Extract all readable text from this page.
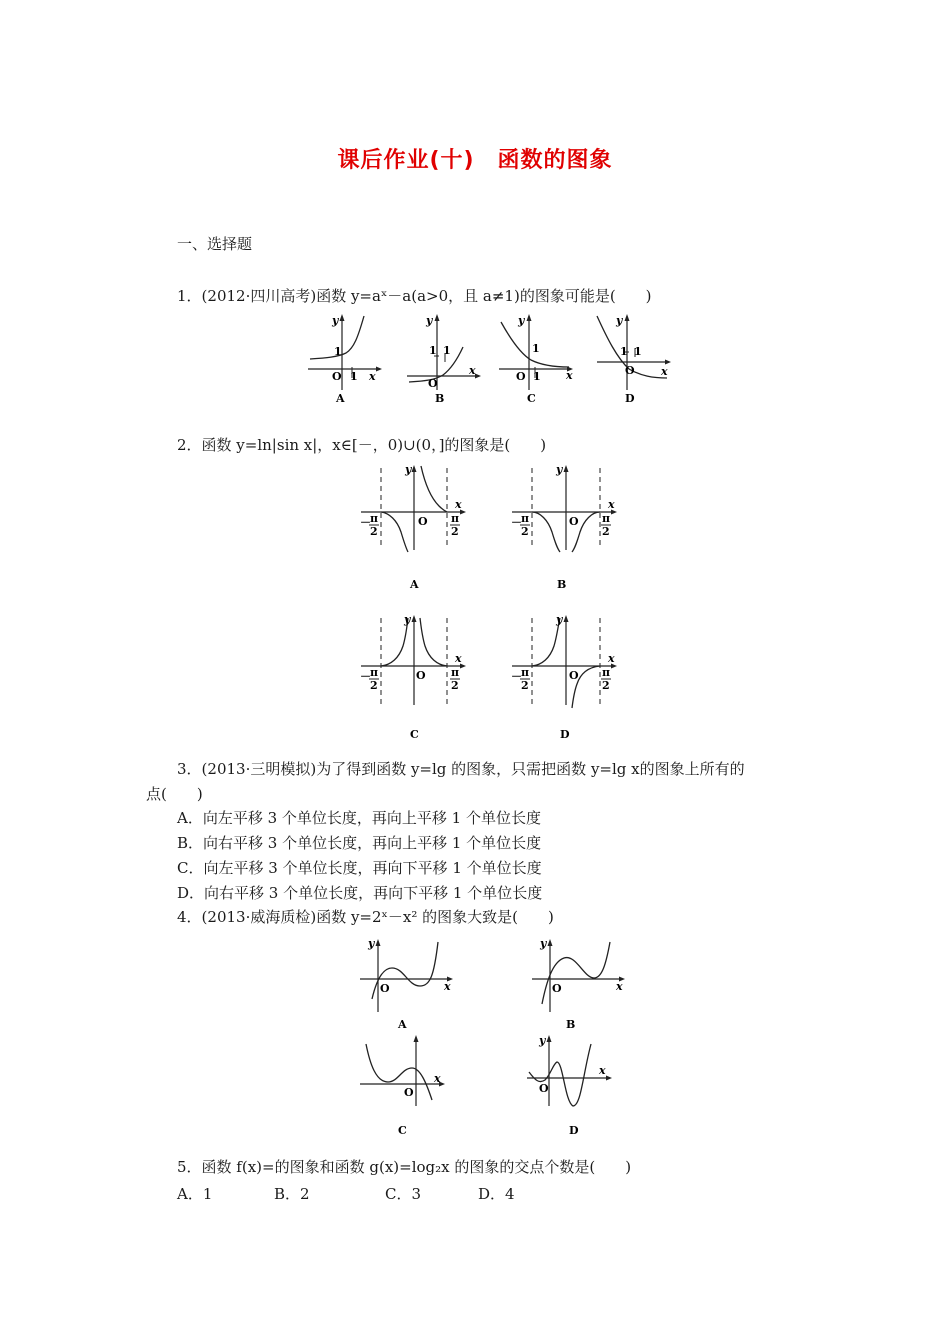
课后作业(十)　函数的图象
一、选择题
1．(2012·四川高考)函数 y=aˣ－a(a>0，且 a≠1)的图象可能是(　　)
y
x
O
1
1
A
y
x
O
1 1
B
y
x
O
1
1
C
y
x
O
1 1
D
2．函数 y=ln|sin x|，x∈[－，0)∪(0，]的图象是(　　)
y
x
O
－ π
2
π
2
A
y
x
O
－ π
2
π
2
B
y
x
O
－ π
2
π
2
C
y
x
O
－ π
2
π
2
D
3．(2013·三明模拟)为了得到函数 y=lg 的图象，只需把函数 y=lg x的图象上所有的
点(　　)
A．向左平移 3 个单位长度，再向上平移 1 个单位长度
B．向右平移 3 个单位长度，再向上平移 1 个单位长度
C．向左平移 3 个单位长度，再向下平移 1 个单位长度
D．向右平移 3 个单位长度，再向下平移 1 个单位长度
4．(2013·威海质检)函数 y=2ˣ－x² 的图象大致是(　　)
y
x
O
A
y
x
O
B
x
O
C
y
x
O
D
5．函数 f(x)=的图象和函数 g(x)=log₂x 的图象的交点个数是(　　)
A．1	B．2	C．3	D．4
